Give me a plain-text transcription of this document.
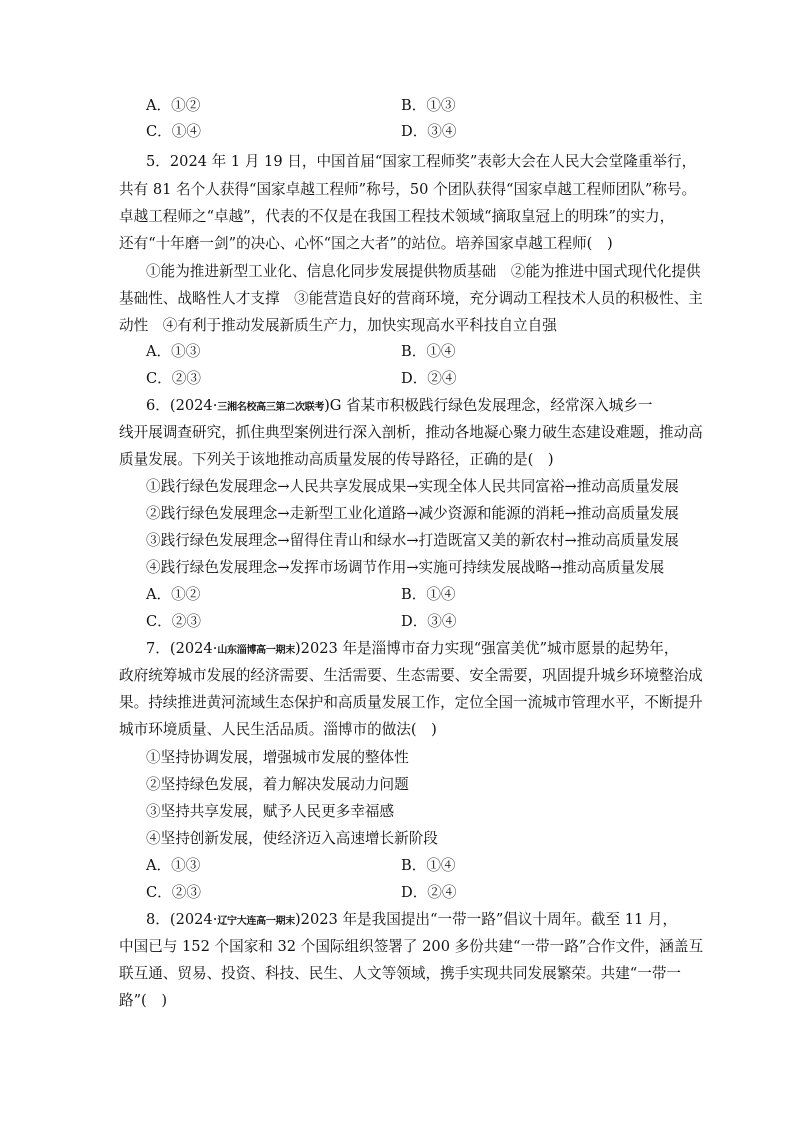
A．①②	B．①③
C．①④	D．③④
5．2024 年 1 月 19 日，中国首届“国家工程师奖”表彰大会在人民大会堂隆重举行，
共有 81 名个人获得“国家卓越工程师”称号，50 个团队获得“国家卓越工程师团队”称号。
卓越工程师之“卓越”，代表的不仅是在我国工程技术领域“摘取皇冠上的明珠”的实力，
还有“十年磨一剑”的决心、心怀“国之大者”的站位。培养国家卓越工程师(　)
①能为推进新型工业化、信息化同步发展提供物质基础　②能为推进中国式现代化提供
基础性、战略性人才支撑　③能营造良好的营商环境，充分调动工程技术人员的积极性、主
动性　④有利于推动发展新质生产力，加快实现高水平科技自立自强
A．①③	B．①④
C．②③	D．②④
6．(2024·三湘名校高三第二次联考)G 省某市积极践行绿色发展理念，经常深入城乡一
线开展调查研究，抓住典型案例进行深入剖析，推动各地凝心聚力破生态建设难题，推动高
质量发展。下列关于该地推动高质量发展的传导路径，正确的是(　)
①践行绿色发展理念→人民共享发展成果→实现全体人民共同富裕→推动高质量发展
②践行绿色发展理念→走新型工业化道路→减少资源和能源的消耗→推动高质量发展
③践行绿色发展理念→留得住青山和绿水→打造既富又美的新农村→推动高质量发展
④践行绿色发展理念→发挥市场调节作用→实施可持续发展战略→推动高质量发展
A．①②	B．①④
C．②③	D．③④
7．(2024·山东淄博高一期末)2023 年是淄博市奋力实现“强富美优”城市愿景的起势年，
政府统筹城市发展的经济需要、生活需要、生态需要、安全需要，巩固提升城乡环境整治成
果。持续推进黄河流域生态保护和高质量发展工作，定位全国一流城市管理水平，不断提升
城市环境质量、人民生活品质。淄博市的做法(　)
①坚持协调发展，增强城市发展的整体性
②坚持绿色发展，着力解决发展动力问题
③坚持共享发展，赋予人民更多幸福感
④坚持创新发展，使经济迈入高速增长新阶段
A．①③	B．①④
C．②③	D．②④
8．(2024·辽宁大连高一期末)2023 年是我国提出“一带一路”倡议十周年。截至 11 月，
中国已与 152 个国家和 32 个国际组织签署了 200 多份共建“一带一路”合作文件，涵盖互
联互通、贸易、投资、科技、民生、人文等领域，携手实现共同发展繁荣。共建“一带一
路”(　)
